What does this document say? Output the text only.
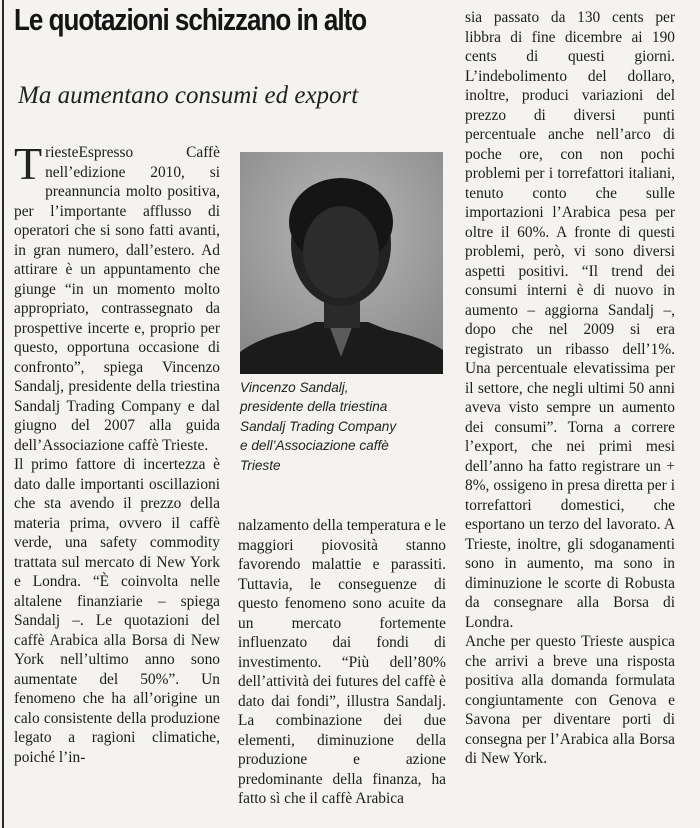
Le quotazioni schizzano in alto
Ma aumentano consumi ed export

TriesteEspresso Caffè nell’edizione 2010, si preannuncia molto positiva, per l’importante afflusso di operatori che si sono fatti avanti, in gran numero, dall’estero. Ad attirare è un appuntamento che giunge “in un momento molto appropriato, contrassegnato da prospettive incerte e, proprio per questo, opportuna occasione di confronto”, spiega Vincenzo Sandalj, presidente della triestina Sandalj Trading Company e dal giugno del 2007 alla guida dell’Associazione caffè Trieste.

Il primo fattore di incertezza è dato dalle importanti oscillazioni che sta avendo il prezzo della materia prima, ovvero il caffè verde, una safety commodity trattata sul mercato di New York e Londra. “È coinvolta nelle altalene finanziarie – spiega Sandalj –. Le quotazioni del caffè Arabica alla Borsa di New York nell’ultimo anno sono aumentate del 50%”. Un fenomeno che ha all’origine un calo consistente della produzione legato a ragioni climatiche, poiché l’in-

Vincenzo Sandalj,
presidente della triestina
Sandalj Trading Company
e dell’Associazione caffè
Trieste

nalzamento della temperatura e le maggiori piovosità stanno favorendo malattie e parassiti. Tuttavia, le conseguenze di questo fenomeno sono acuite da un mercato fortemente influenzato dai fondi di investimento. “Più dell’80% dell’attività dei futures del caffè è dato dai fondi”, illustra Sandalj. La combinazione dei due elementi, diminuzione della produzione e azione predominante della finanza, ha fatto sì che il caffè Arabica

sia passato da 130 cents per libbra di fine dicembre ai 190 cents di questi giorni. L’indebolimento del dollaro, inoltre, produci variazioni del prezzo di diversi punti percentuale anche nell’arco di poche ore, con non pochi problemi per i torrefattori italiani, tenuto conto che sulle importazioni l’Arabica pesa per oltre il 60%. A fronte di questi problemi, però, vi sono diversi aspetti positivi. “Il trend dei consumi interni è di nuovo in aumento – aggiorna Sandalj –, dopo che nel 2009 si era registrato un ribasso dell’1%. Una percentuale elevatissima per il settore, che negli ultimi 50 anni aveva visto sempre un aumento dei consumi”. Torna a correre l’export, che nei primi mesi dell’anno ha fatto registrare un + 8%, ossigeno in presa diretta per i torrefattori domestici, che esportano un terzo del lavorato. A Trieste, inoltre, gli sdoganamenti sono in aumento, ma sono in diminuzione le scorte di Robusta da consegnare alla Borsa di Londra.

Anche per questo Trieste auspica che arrivi a breve una risposta positiva alla domanda formulata congiuntamente con Genova e Savona per diventare porti di consegna per l’Arabica alla Borsa di New York.
